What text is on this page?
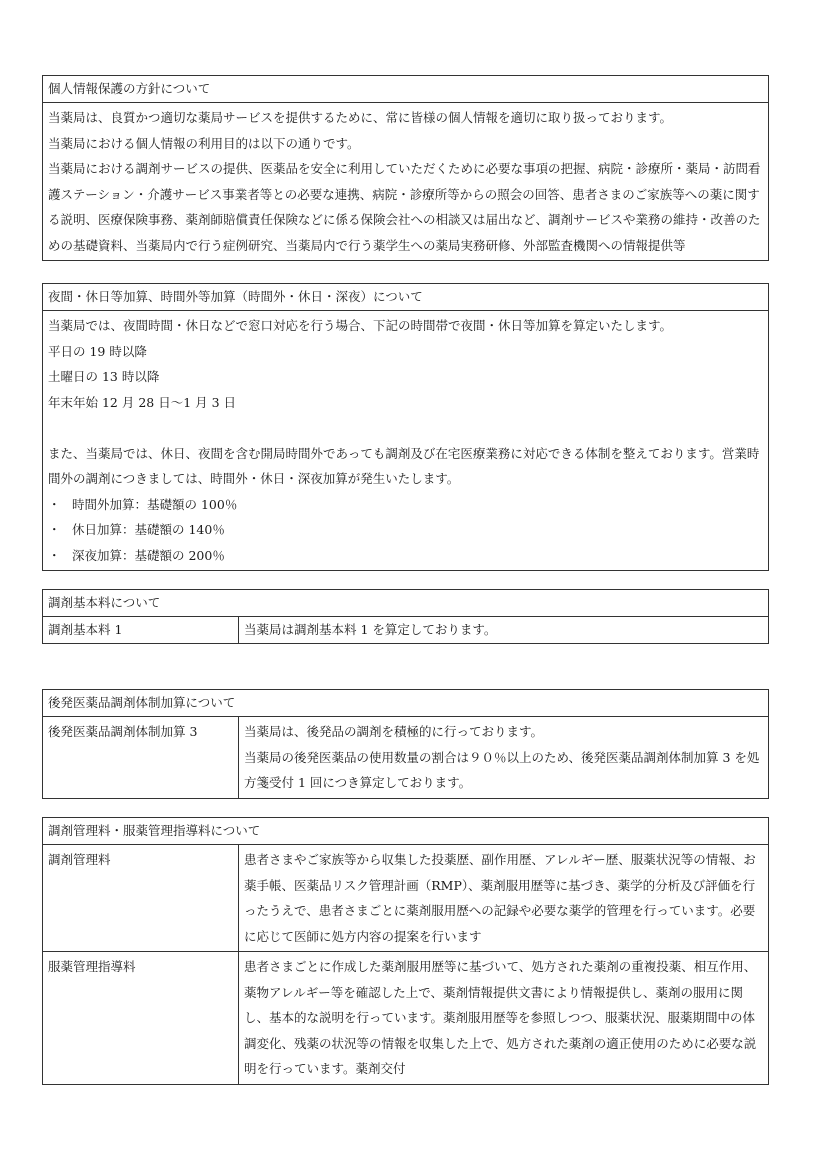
個人情報保護の方針について

当薬局は、良質かつ適切な薬局サービスを提供するために、常に皆様の個人情報を適切に取り扱っております。
当薬局における個人情報の利用目的は以下の通りです。
当薬局における調剤サービスの提供、医薬品を安全に利用していただくために必要な事項の把握、病院・診療所・薬局・訪問看護ステーション・介護サービス事業者等との必要な連携、病院・診療所等からの照会の回答、患者さまのご家族等への薬に関する説明、医療保険事務、薬剤師賠償責任保険などに係る保険会社への相談又は届出など、調剤サービスや業務の維持・改善のための基礎資料、当薬局内で行う症例研究、当薬局内で行う薬学生への薬局実務研修、外部監査機関への情報提供等
夜間・休日等加算、時間外等加算（時間外・休日・深夜）について

当薬局では、夜間時間・休日などで窓口対応を行う場合、下記の時間帯で夜間・休日等加算を算定いたします。
平日の 19 時以降
土曜日の 13 時以降
年末年始 12 月 28 日〜1 月 3 日
また、当薬局では、休日、夜間を含む開局時間外であっても調剤及び在宅医療業務に対応できる体制を整えております。営業時間外の調剤につきましては、時間外・休日・深夜加算が発生いたします。
・ 時間外加算：基礎額の 100％
・ 休日加算：基礎額の 140％
・ 深夜加算：基礎額の 200％
調剤基本料について
調剤基本料 1	当薬局は調剤基本料 1 を算定しております。
後発医薬品調剤体制加算について
後発医薬品調剤体制加算 3	当薬局は、後発品の調剤を積極的に行っております。
当薬局の後発医薬品の使用数量の割合は９０％以上のため、後発医薬品調剤体制加算 3 を処方箋受付 1 回につき算定しております。
調剤管理料・服薬管理指導料について	
調剤管理料	患者さまやご家族等から収集した投薬歴、副作用歴、アレルギー歴、服薬状況等の情報、お薬手帳、医薬品リスク管理計画（RMP）、薬剤服用歴等に基づき、薬学的分析及び評価を行ったうえで、患者さまごとに薬剤服用歴への記録や必要な薬学的管理を行っています。必要に応じて医師に処方内容の提案を行います
服薬管理指導料	患者さまごとに作成した薬剤服用歴等に基づいて、処方された薬剤の重複投薬、相互作用、薬物アレルギー等を確認した上で、薬剤情報提供文書により情報提供し、薬剤の服用に関し、基本的な説明を行っています。薬剤服用歴等を参照しつつ、服薬状況、服薬期間中の体調変化、残薬の状況等の情報を収集した上で、処方された薬剤の適正使用のために必要な説明を行っています。薬剤交付
